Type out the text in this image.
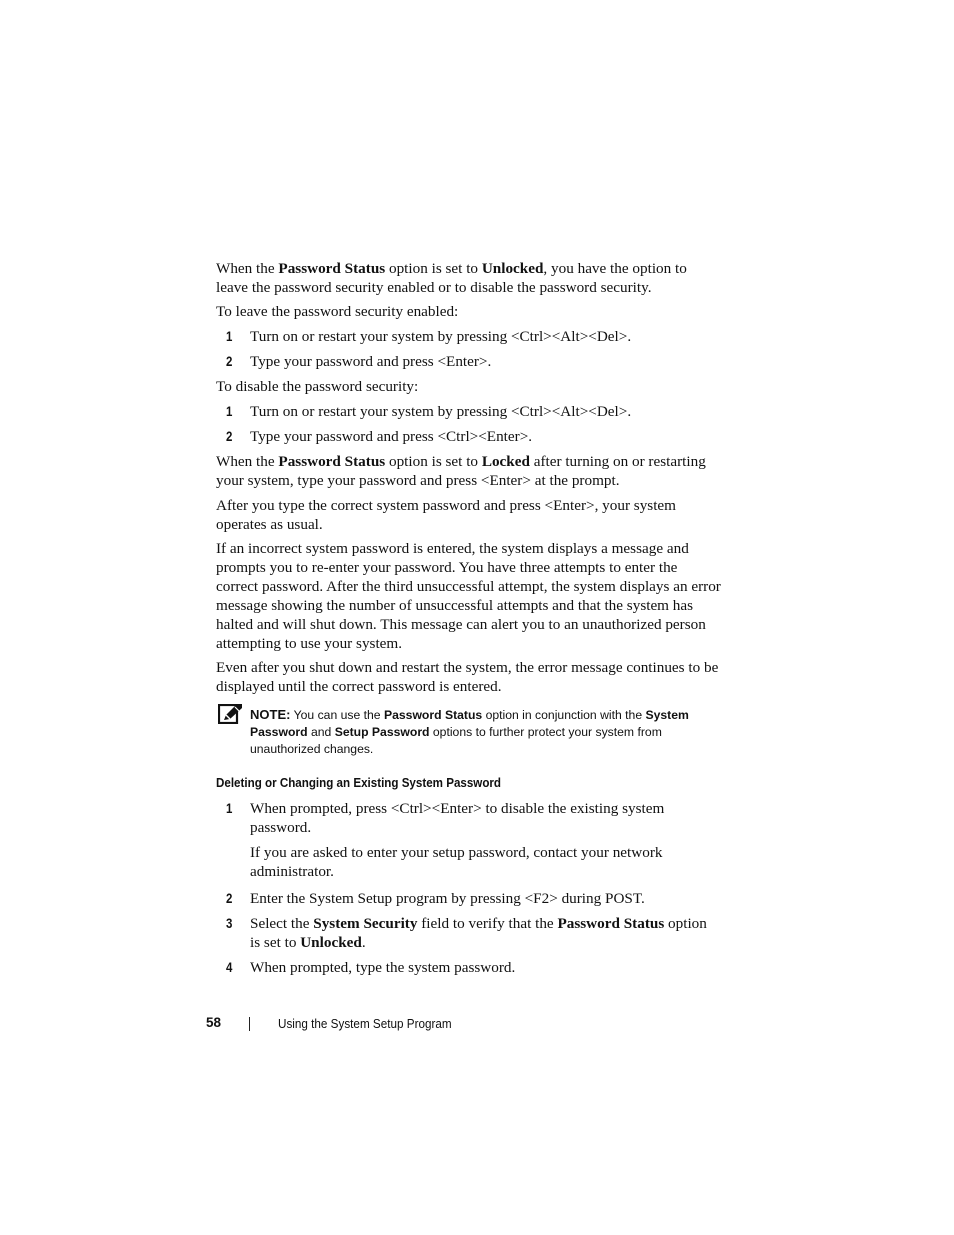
When the Password Status option is set to Unlocked, you have the option to leave the password security enabled or to disable the password security.

To leave the password security enabled:

1 Turn on or restart your system by pressing <Ctrl><Alt><Del>.
2 Type your password and press <Enter>.

To disable the password security:

1 Turn on or restart your system by pressing <Ctrl><Alt><Del>.
2 Type your password and press <Ctrl><Enter>.

When the Password Status option is set to Locked after turning on or restarting your system, type your password and press <Enter> at the prompt.

After you type the correct system password and press <Enter>, your system operates as usual.

If an incorrect system password is entered, the system displays a message and prompts you to re-enter your password. You have three attempts to enter the correct password. After the third unsuccessful attempt, the system displays an error message showing the number of unsuccessful attempts and that the system has halted and will shut down. This message can alert you to an unauthorized person attempting to use your system.

Even after you shut down and restart the system, the error message continues to be displayed until the correct password is entered.

NOTE: You can use the Password Status option in conjunction with the System Password and Setup Password options to further protect your system from unauthorized changes.
Deleting or Changing an Existing System Password
1 When prompted, press <Ctrl><Enter> to disable the existing system password.
If you are asked to enter your setup password, contact your network administrator.
2 Enter the System Setup program by pressing <F2> during POST.
3 Select the System Security field to verify that the Password Status option is set to Unlocked.
4 When prompted, type the system password.
58	Using the System Setup Program
